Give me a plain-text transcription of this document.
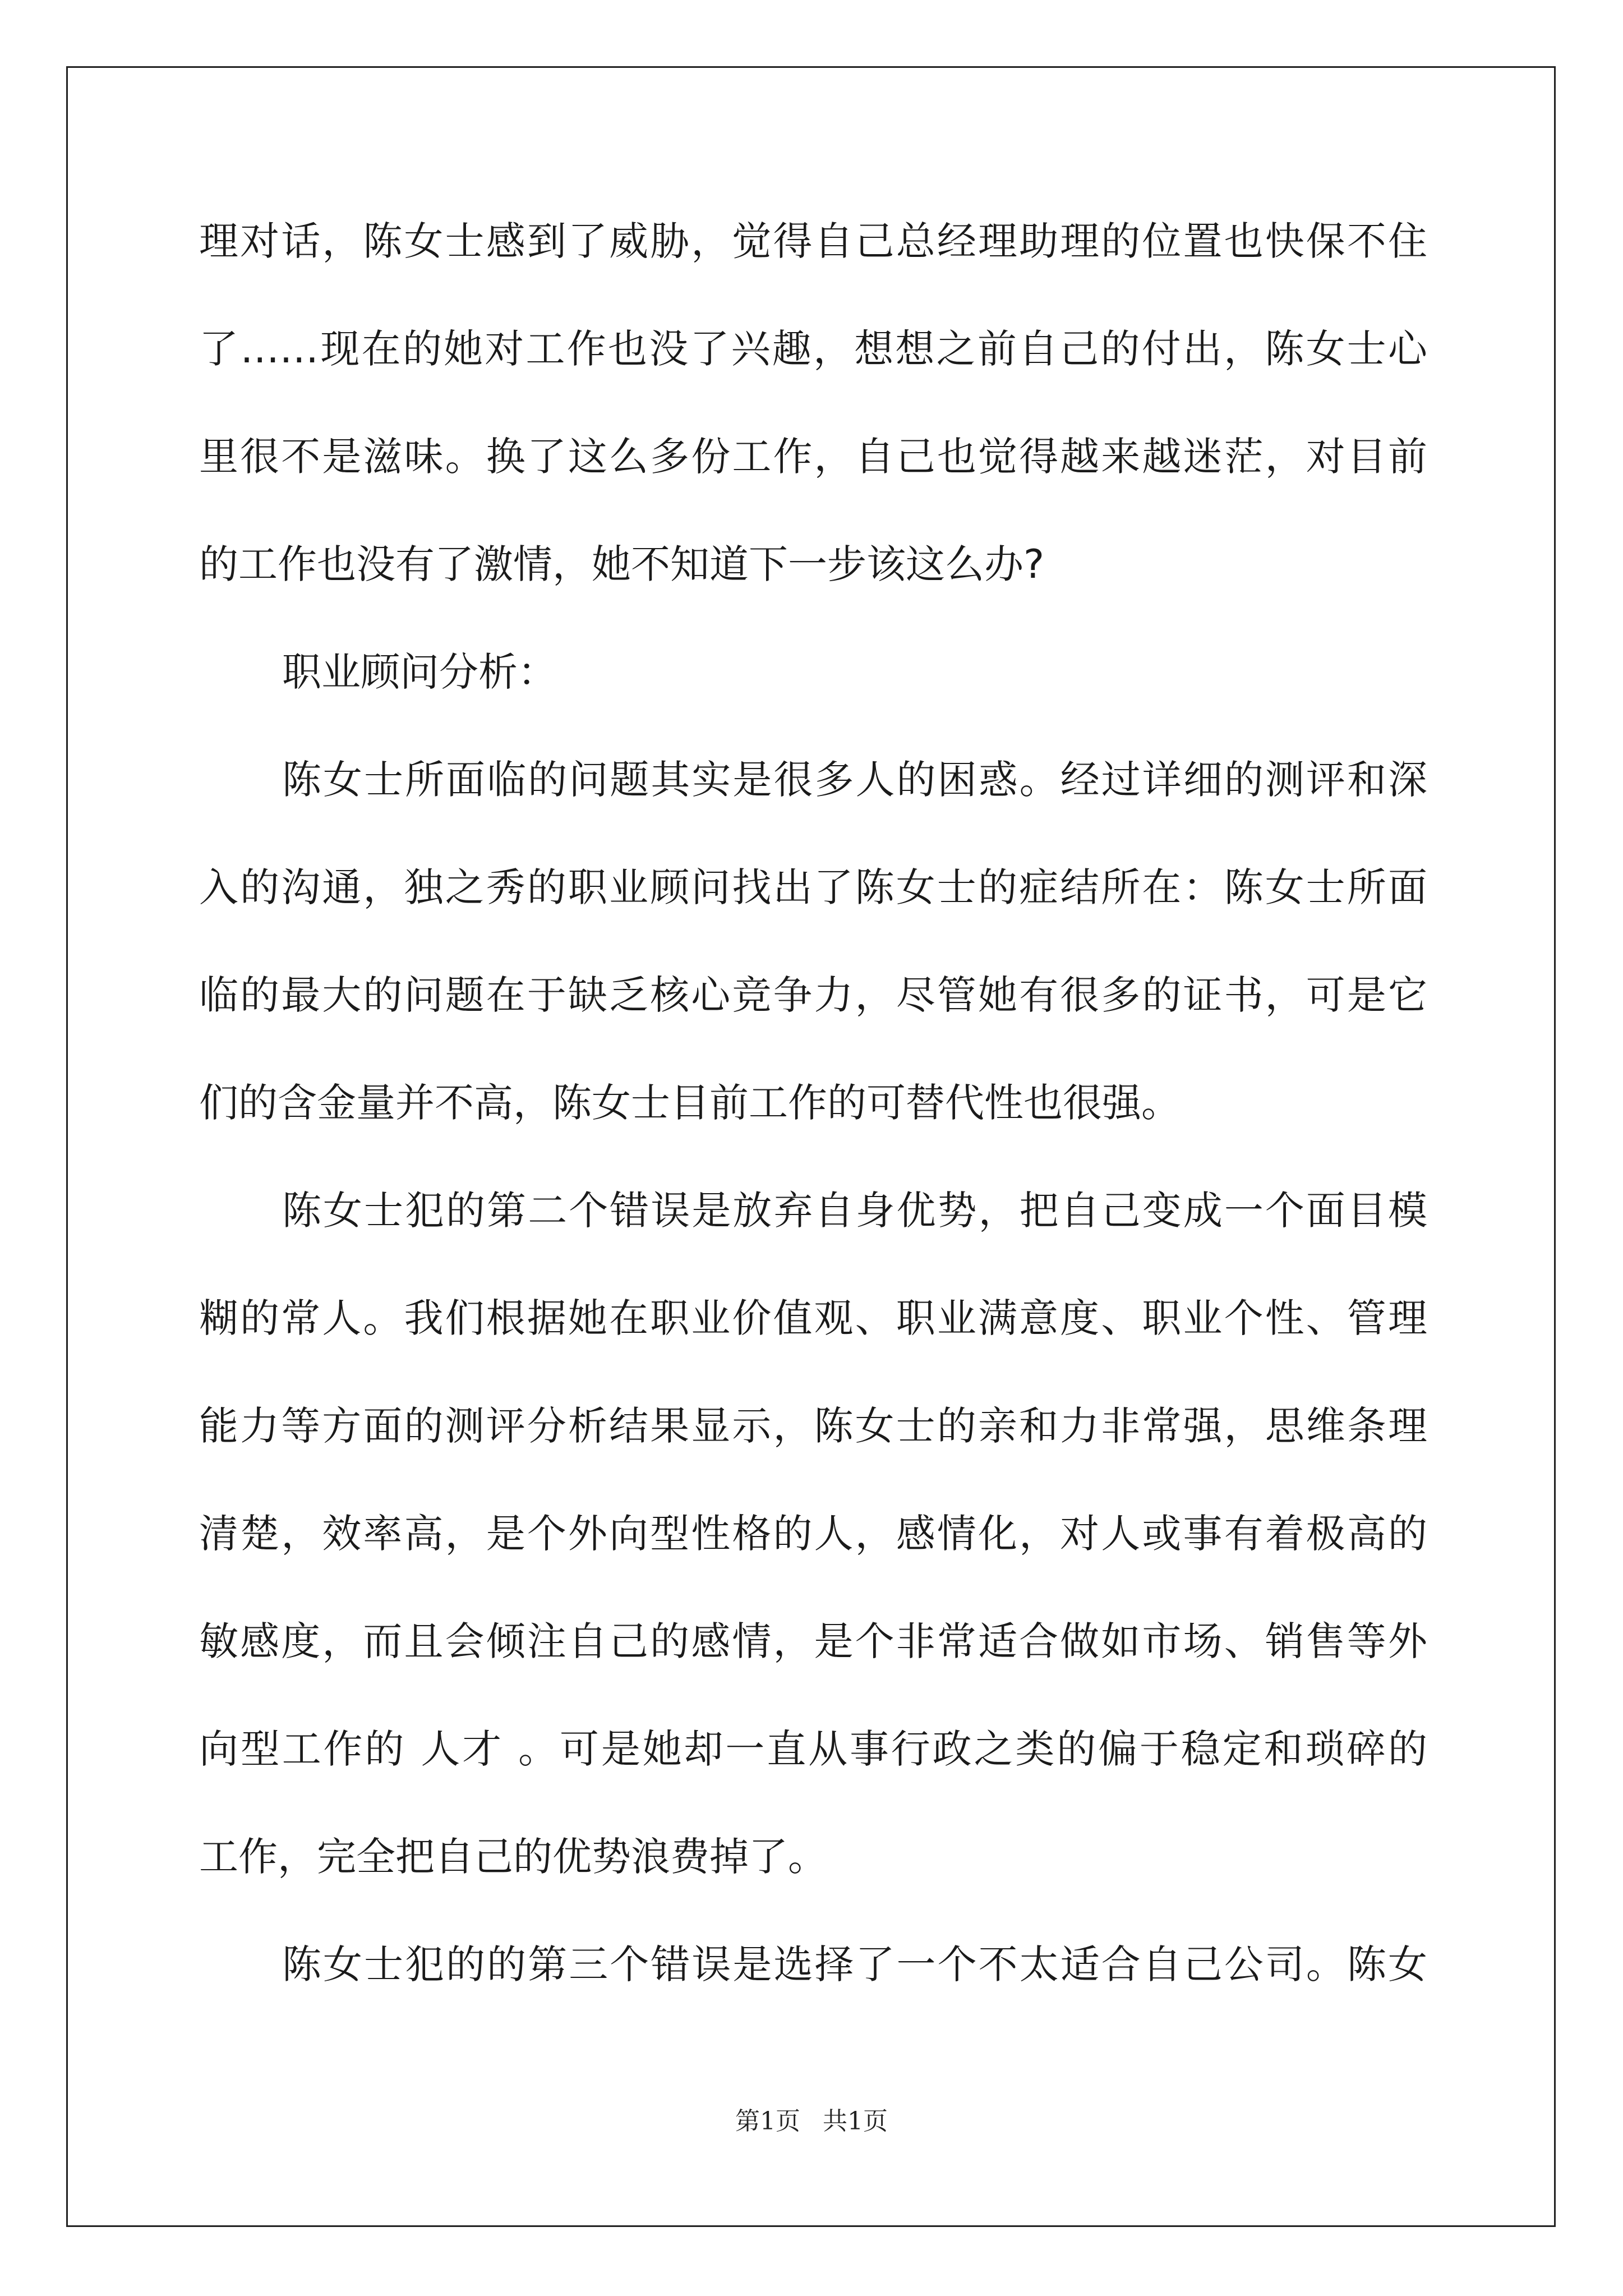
理对话，陈女士感到了威胁，觉得自己总经理助理的位置也快保不住
了……现在的她对工作也没了兴趣，想想之前自己的付出，陈女士心
里很不是滋味。换了这么多份工作，自己也觉得越来越迷茫，对目前
的工作也没有了激情，她不知道下一步该这么办?
职业顾问分析：
陈女士所面临的问题其实是很多人的困惑。经过详细的测评和深
入的沟通，独之秀的职业顾问找出了陈女士的症结所在：陈女士所面
临的最大的问题在于缺乏核心竞争力，尽管她有很多的证书，可是它
们的含金量并不高，陈女士目前工作的可替代性也很强。
陈女士犯的第二个错误是放弃自身优势，把自己变成一个面目模
糊的常人。我们根据她在职业价值观、职业满意度、职业个性、管理
能力等方面的测评分析结果显示，陈女士的亲和力非常强，思维条理
清楚，效率高，是个外向型性格的人，感情化，对人或事有着极高的
敏感度，而且会倾注自己的感情，是个非常适合做如市场、销售等外
向型工作的 人才 。可是她却一直从事行政之类的偏于稳定和琐碎的
工作，完全把自己的优势浪费掉了。
陈女士犯的的第三个错误是选择了一个不太适合自己公司。陈女
第1页 共1页
